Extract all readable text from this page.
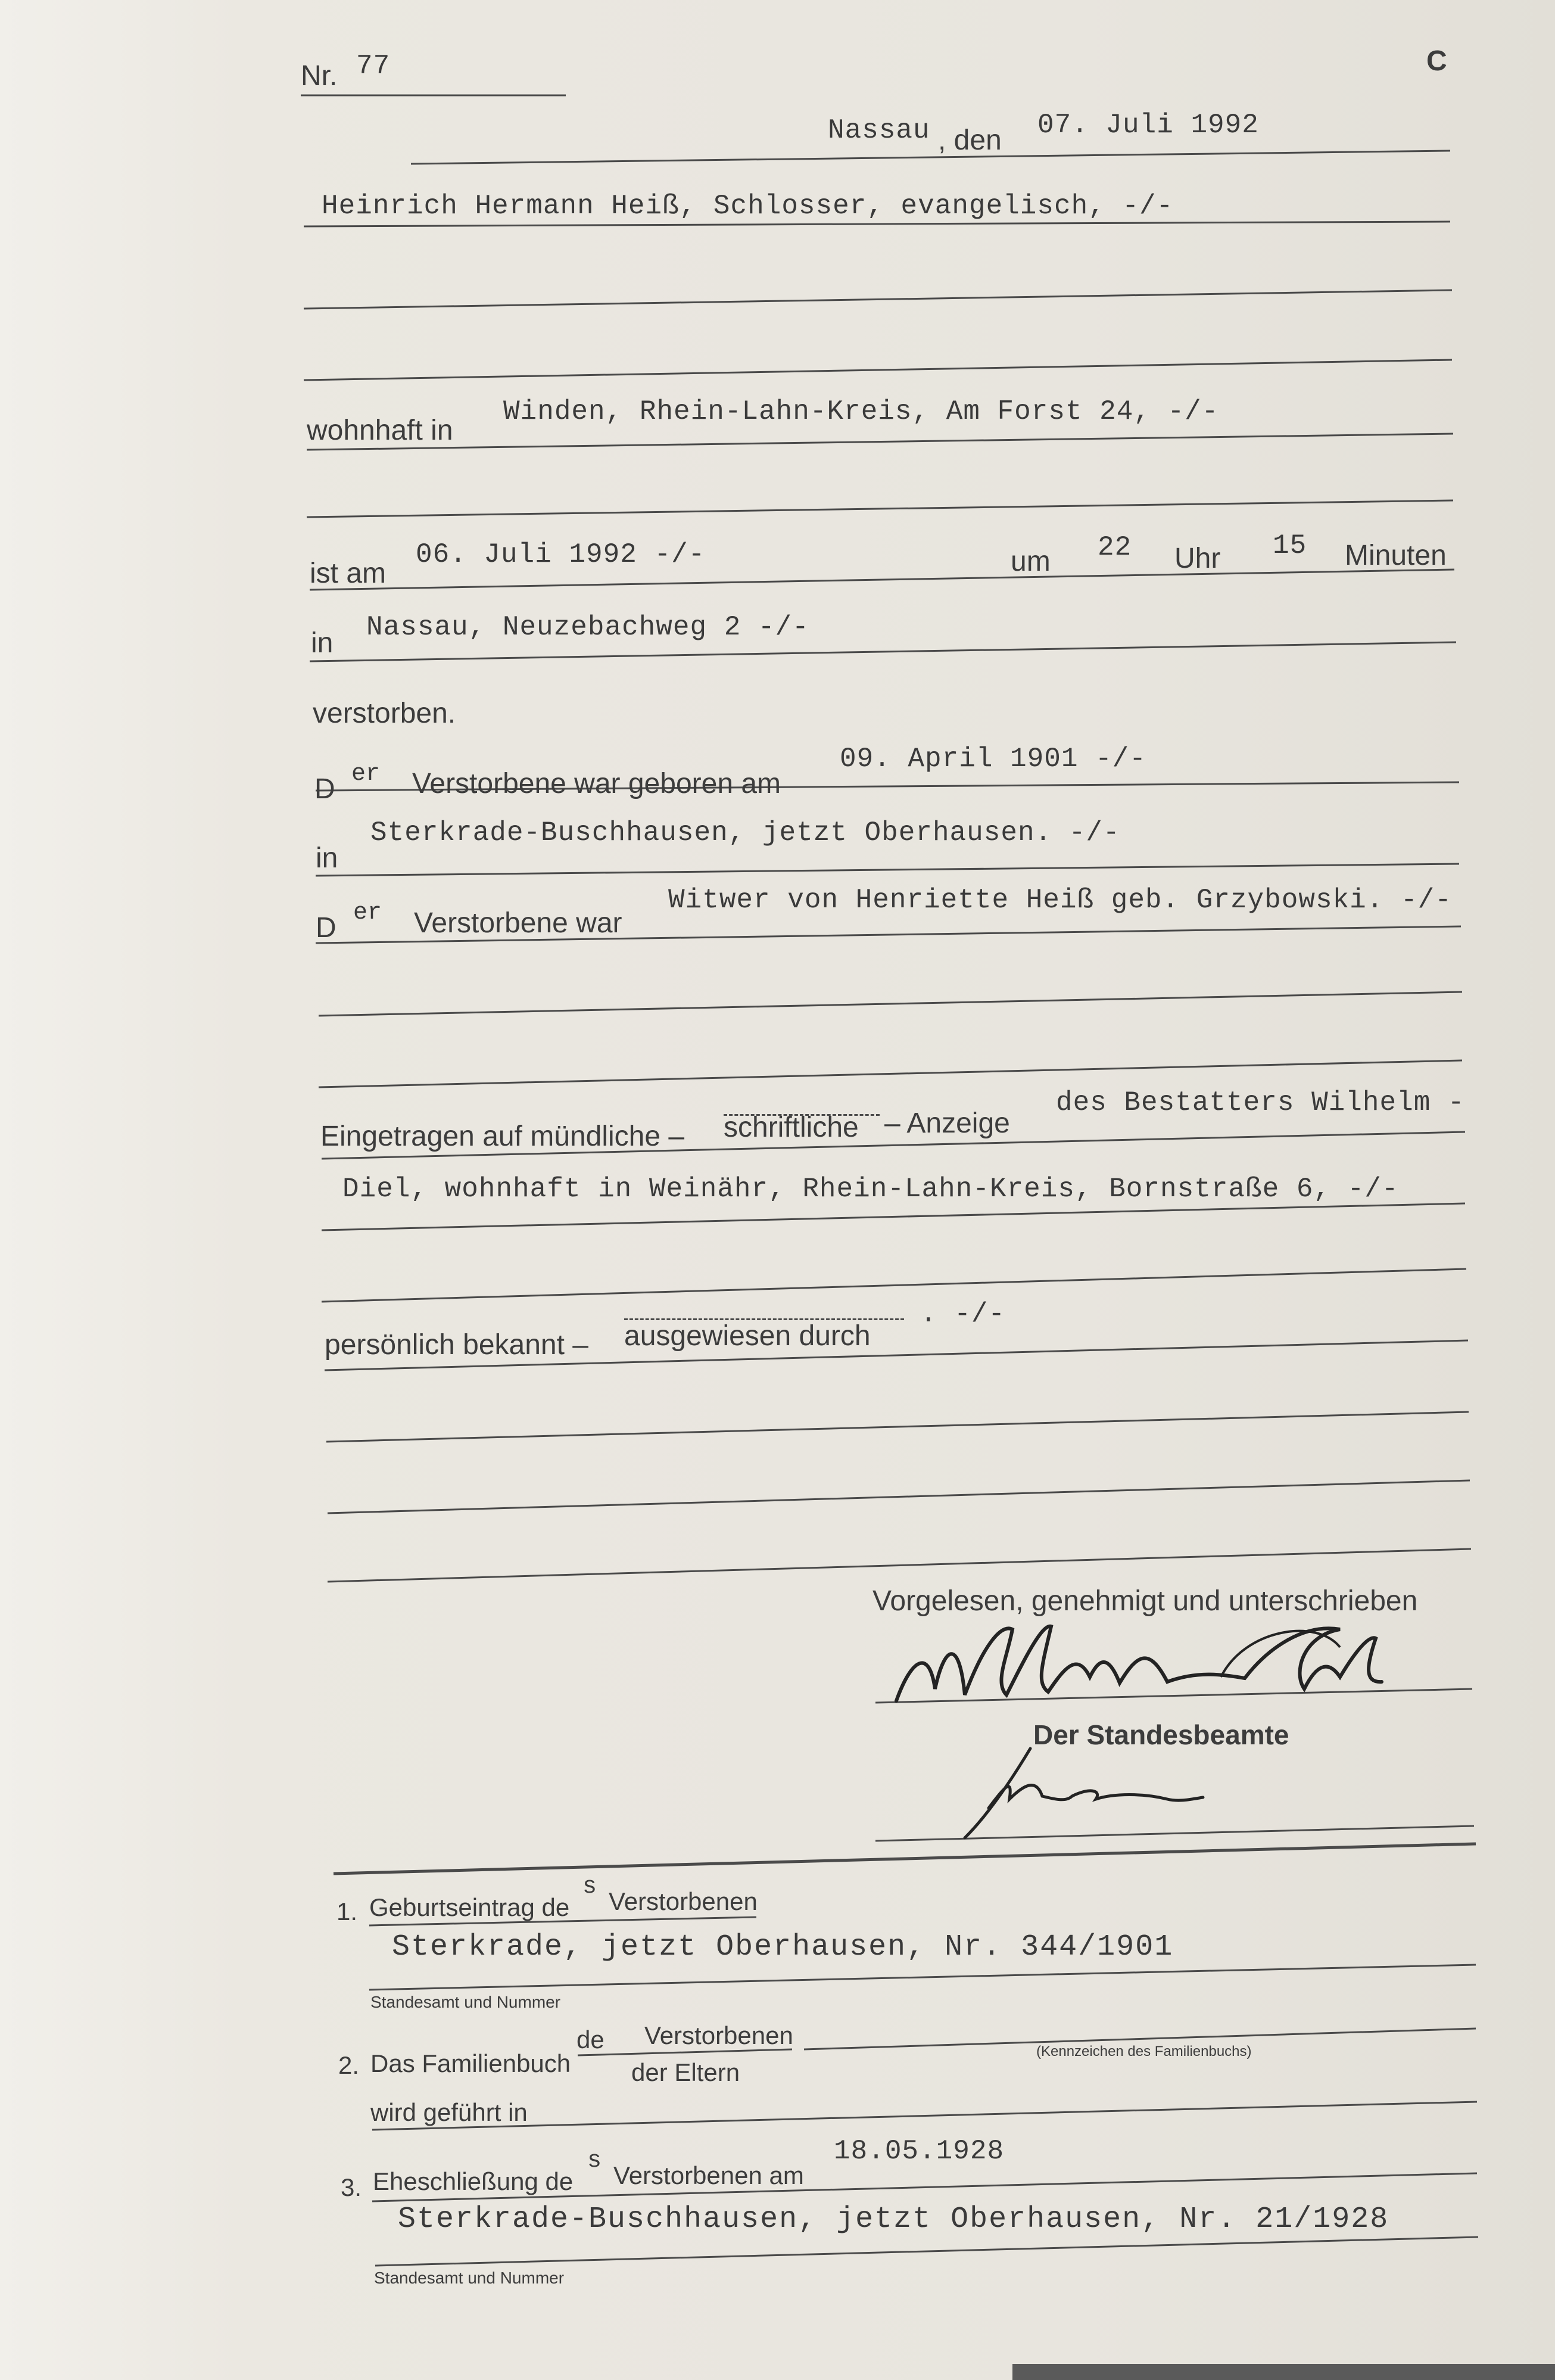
Nr. 77	C
Nassau , den 07. Juli 1992
Heinrich Hermann Heiß, Schlosser, evangelisch, -/-
wohnhaft in
Winden, Rhein-Lahn-Kreis, Am Forst 24, -/-
ist am
06. Juli 1992 -/-	um 22 Uhr 15 Minuten
in Nassau, Neuzebachweg 2 -/-
verstorben.
D er Verstorbene war geboren am
09. April 1901 -/-
in
Sterkrade-Buschhausen, jetzt Oberhausen. -/-
D er Verstorbene war
Witwer von Henriette Heiß geb. Grzybowski. -/-
Eingetragen auf mündliche – schriftliche – Anzeige
des Bestatters Wilhelm -
Diel, wohnhaft in Weinähr, Rhein-Lahn-Kreis, Bornstraße 6, -/-
persönlich bekannt – ausgewiesen durch
. -/-
Vorgelesen, genehmigt und unterschrieben
Der Standesbeamte
1. Geburtseintrag de
s
Verstorbenen
Sterkrade, jetzt Oberhausen, Nr. 344/1901
Standesamt und Nummer
2. Das Familienbuch
de Verstorbenen
der Eltern
(Kennzeichen des Familienbuchs)
wird geführt in
3. Eheschließung de
s
Verstorbenen am
18.05.1928
Sterkrade-Buschhausen, jetzt Oberhausen, Nr. 21/1928
Standesamt und Nummer
